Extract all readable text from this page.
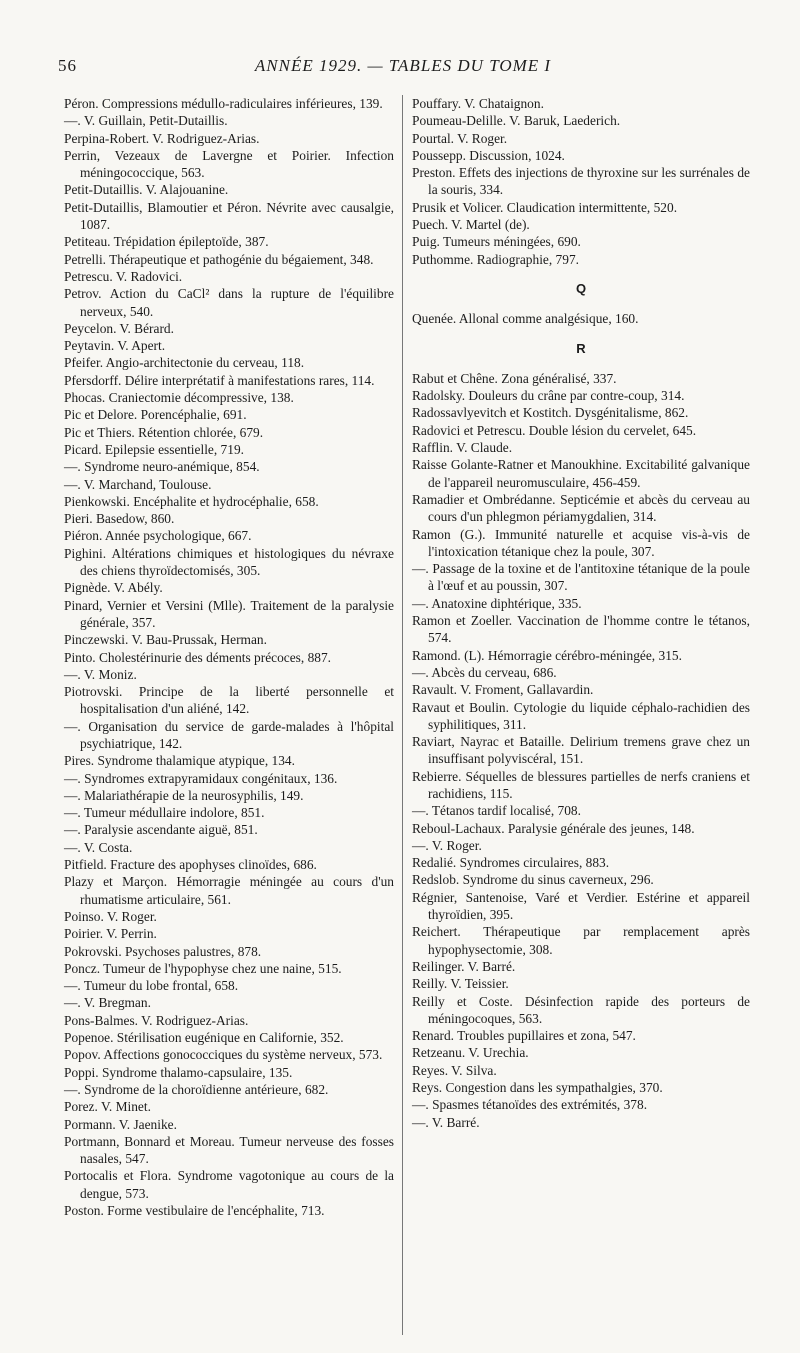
56	ANNÉE 1929. — TABLES DU TOME I

Péron. Compressions médullo-radiculaires inférieures, 139.

—. V. Guillain, Petit-Dutaillis.

Perpina-Robert. V. Rodriguez-Arias.

Perrin, Vezeaux de Lavergne et Poirier. Infection méningococcique, 563.

Petit-Dutaillis. V. Alajouanine.

Petit-Dutaillis, Blamoutier et Péron. Névrite avec causalgie, 1087.

Petiteau. Trépidation épileptoïde, 387.

Petrelli. Thérapeutique et pathogénie du bégaiement, 348.

Petrescu. V. Radovici.

Petrov. Action du CaCl² dans la rupture de l'équilibre nerveux, 540.

Peycelon. V. Bérard.

Peytavin. V. Apert.

Pfeifer. Angio-architectonie du cerveau, 118.

Pfersdorff. Délire interprétatif à manifestations rares, 114.

Phocas. Craniectomie décompressive, 138.

Pic et Delore. Porencéphalie, 691.

Pic et Thiers. Rétention chlorée, 679.

Picard. Epilepsie essentielle, 719.

—. Syndrome neuro-anémique, 854.

—. V. Marchand, Toulouse.

Pienkowski. Encéphalite et hydrocéphalie, 658.

Pieri. Basedow, 860.

Piéron. Année psychologique, 667.

Pighini. Altérations chimiques et histologiques du névraxe des chiens thyroïdectomisés, 305.

Pignède. V. Abély.

Pinard, Vernier et Versini (Mlle). Traitement de la paralysie générale, 357.

Pinczewski. V. Bau-Prussak, Herman.

Pinto. Cholestérinurie des déments précoces, 887.

—. V. Moniz.

Piotrovski. Principe de la liberté personnelle et hospitalisation d'un aliéné, 142.

—. Organisation du service de garde-malades à l'hôpital psychiatrique, 142.

Pires. Syndrome thalamique atypique, 134.

—. Syndromes extrapyramidaux congénitaux, 136.

—. Malariathérapie de la neurosyphilis, 149.

—. Tumeur médullaire indolore, 851.

—. Paralysie ascendante aiguë, 851.

—. V. Costa.

Pitfield. Fracture des apophyses clinoïdes, 686.

Plazy et Marçon. Hémorragie méningée au cours d'un rhumatisme articulaire, 561.

Poinso. V. Roger.

Poirier. V. Perrin.

Pokrovski. Psychoses palustres, 878.

Poncz. Tumeur de l'hypophyse chez une naine, 515.

—. Tumeur du lobe frontal, 658.

—. V. Bregman.

Pons-Balmes. V. Rodriguez-Arias.

Popenoe. Stérilisation eugénique en Californie, 352.

Popov. Affections gonococciques du système nerveux, 573.

Poppi. Syndrome thalamo-capsulaire, 135.

—. Syndrome de la choroïdienne antérieure, 682.

Porez. V. Minet.

Pormann. V. Jaenike.

Portmann, Bonnard et Moreau. Tumeur nerveuse des fosses nasales, 547.

Portocalis et Flora. Syndrome vagotonique au cours de la dengue, 573.

Poston. Forme vestibulaire de l'encéphalite, 713.

Pouffary. V. Chataignon.

Poumeau-Delille. V. Baruk, Laederich.

Pourtal. V. Roger.

Poussepp. Discussion, 1024.

Preston. Effets des injections de thyroxine sur les surrénales de la souris, 334.

Prusik et Volicer. Claudication intermittente, 520.

Puech. V. Martel (de).

Puig. Tumeurs méningées, 690.

Puthomme. Radiographie, 797.

Q

Quenée. Allonal comme analgésique, 160.

R

Rabut et Chêne. Zona généralisé, 337.

Radolsky. Douleurs du crâne par contre-coup, 314.

Radossavlyevitch et Kostitch. Dysgénitalisme, 862.

Radovici et Petrescu. Double lésion du cervelet, 645.

Rafflin. V. Claude.

Raisse Golante-Ratner et Manoukhine. Excitabilité galvanique de l'appareil neuromusculaire, 456-459.

Ramadier et Ombrédanne. Septicémie et abcès du cerveau au cours d'un phlegmon périamygdalien, 314.

Ramon (G.). Immunité naturelle et acquise vis-à-vis de l'intoxication tétanique chez la poule, 307.

—. Passage de la toxine et de l'antitoxine tétanique de la poule à l'œuf et au poussin, 307.

—. Anatoxine diphtérique, 335.

Ramon et Zoeller. Vaccination de l'homme contre le tétanos, 574.

Ramond. (L). Hémorragie cérébro-méningée, 315.

—. Abcès du cerveau, 686.

Ravault. V. Froment, Gallavardin.

Ravaut et Boulin. Cytologie du liquide céphalo-rachidien des syphilitiques, 311.

Raviart, Nayrac et Bataille. Delirium tremens grave chez un insuffisant polyviscéral, 151.

Rebierre. Séquelles de blessures partielles de nerfs craniens et rachidiens, 115.

—. Tétanos tardif localisé, 708.

Reboul-Lachaux. Paralysie générale des jeunes, 148.

—. V. Roger.

Redalié. Syndromes circulaires, 883.

Redslob. Syndrome du sinus caverneux, 296.

Régnier, Santenoise, Varé et Verdier. Estérine et appareil thyroïdien, 395.

Reichert. Thérapeutique par remplacement après hypophysectomie, 308.

Reilinger. V. Barré.

Reilly. V. Teissier.

Reilly et Coste. Désinfection rapide des porteurs de méningocoques, 563.

Renard. Troubles pupillaires et zona, 547.

Retzeanu. V. Urechia.

Reyes. V. Silva.

Reys. Congestion dans les sympathalgies, 370.

—. Spasmes tétanoïdes des extrémités, 378.

—. V. Barré.
